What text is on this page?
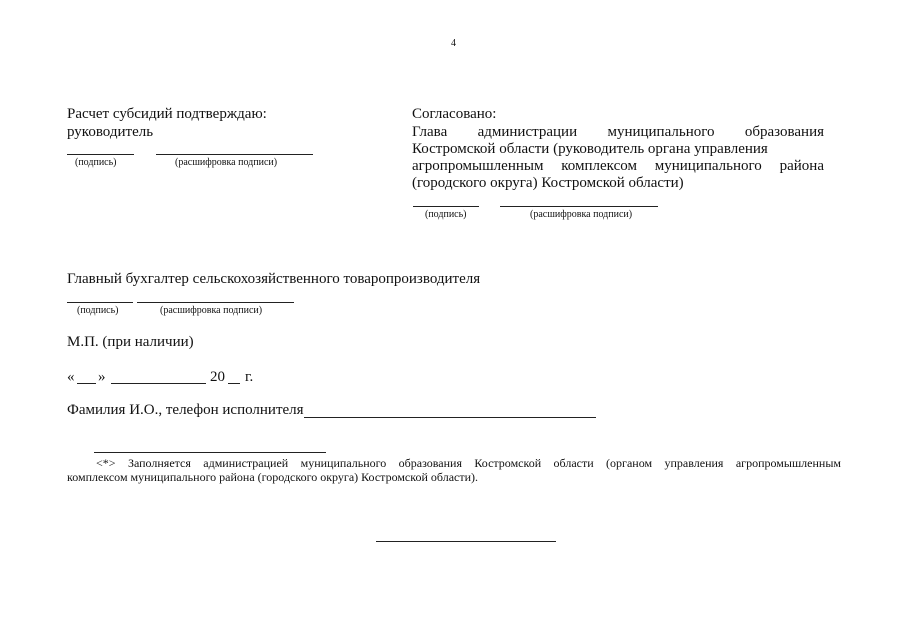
4
Расчет субсидий подтверждаю:
руководитель
(подпись)	(расшифровка подписи)
Согласовано:
Глава администрации муниципального образования
Костромской области (руководитель органа управления
агропромышленным комплексом муниципального района
(городского округа) Костромской области)
(подпись)	(расшифровка подписи)
Главный бухгалтер сельскохозяйственного товаропроизводителя
(подпись)	(расшифровка подписи)
М.П. (при наличии)
« »	20 г.
Фамилия И.О., телефон исполнителя
<*> Заполняется администрацией муниципального образования Костромской области (органом управления агропромышленным
комплексом муниципального района (городского округа) Костромской области).
